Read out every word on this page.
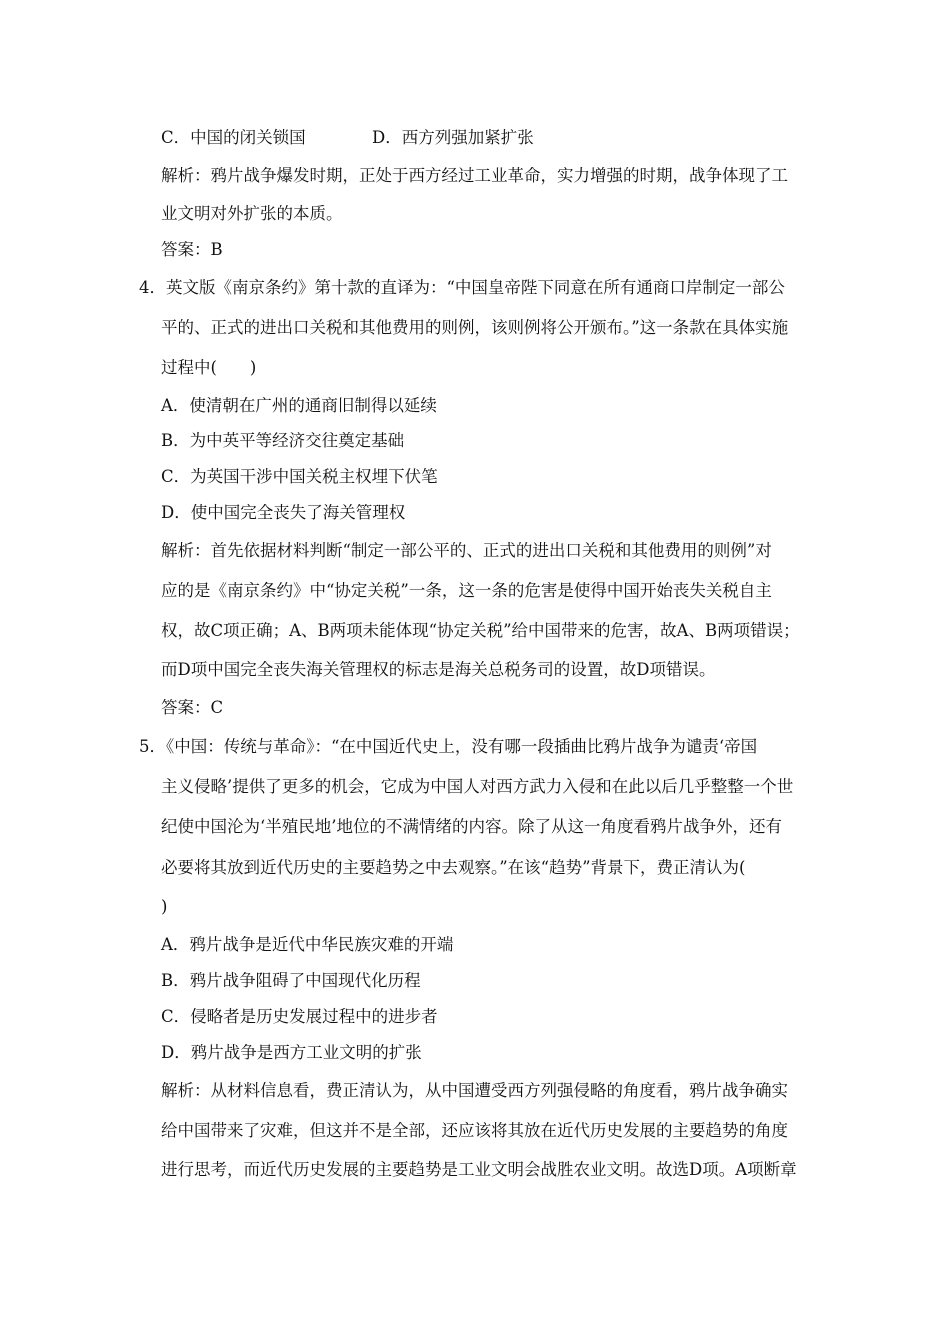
C．中国的闭关锁国	D．西方列强加紧扩张
解析：鸦片战争爆发时期，正处于西方经过工业革命，实力增强的时期，战争体现了工
业文明对外扩张的本质。
答案：B
4．英文版《南京条约》第十款的直译为：“中国皇帝陛下同意在所有通商口岸制定一部公
平的、正式的进出口关税和其他费用的则例，该则例将公开颁布。”这一条款在具体实施
过程中(　　)
A．使清朝在广州的通商旧制得以延续
B．为中英平等经济交往奠定基础
C．为英国干涉中国关税主权埋下伏笔
D．使中国完全丧失了海关管理权
解析：首先依据材料判断“制定一部公平的、正式的进出口关税和其他费用的则例”对
应的是《南京条约》中“协定关税”一条，这一条的危害是使得中国开始丧失关税自主
权，故C项正确；A、B两项未能体现“协定关税”给中国带来的危害，故A、B两项错误；
而D项中国完全丧失海关管理权的标志是海关总税务司的设置，故D项错误。
答案：C
5．《中国：传统与革命》：“在中国近代史上，没有哪一段插曲比鸦片战争为谴责‘帝国
主义侵略’提供了更多的机会，它成为中国人对西方武力入侵和在此以后几乎整整一个世
纪使中国沦为‘半殖民地’地位的不满情绪的内容。除了从这一角度看鸦片战争外，还有
必要将其放到近代历史的主要趋势之中去观察。”在该“趋势”背景下，费正清认为(
)
A．鸦片战争是近代中华民族灾难的开端
B．鸦片战争阻碍了中国现代化历程
C．侵略者是历史发展过程中的进步者
D．鸦片战争是西方工业文明的扩张
解析：从材料信息看，费正清认为，从中国遭受西方列强侵略的角度看，鸦片战争确实
给中国带来了灾难，但这并不是全部，还应该将其放在近代历史发展的主要趋势的角度
进行思考，而近代历史发展的主要趋势是工业文明会战胜农业文明。故选D项。A项断章
